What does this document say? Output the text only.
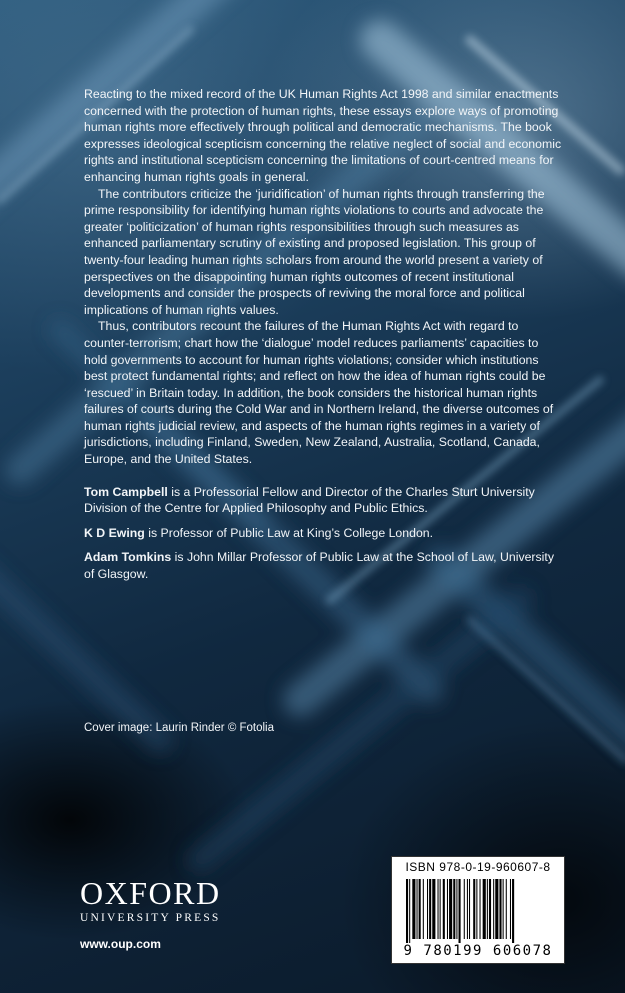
Reacting to the mixed record of the UK Human Rights Act 1998 and similar enactments concerned with the protection of human rights, these essays explore ways of promoting human rights more effectively through political and democratic mechanisms. The book expresses ideological scepticism concerning the relative neglect of social and economic rights and institutional scepticism concerning the limitations of court-centred means for enhancing human rights goals in general.

The contributors criticize the ‘juridification’ of human rights through transferring the prime responsibility for identifying human rights violations to courts and advocate the greater ‘politicization’ of human rights responsibilities through such measures as enhanced parliamentary scrutiny of existing and proposed legislation. This group of twenty-four leading human rights scholars from around the world present a variety of perspectives on the disappointing human rights outcomes of recent institutional developments and consider the prospects of reviving the moral force and political implications of human rights values.

Thus, contributors recount the failures of the Human Rights Act with regard to counter-terrorism; chart how the ‘dialogue’ model reduces parliaments’ capacities to hold governments to account for human rights violations; consider which institutions best protect fundamental rights; and reflect on how the idea of human rights could be ‘rescued’ in Britain today. In addition, the book considers the historical human rights failures of courts during the Cold War and in Northern Ireland, the diverse outcomes of human rights judicial review, and aspects of the human rights regimes in a variety of jurisdictions, including Finland, Sweden, New Zealand, Australia, Scotland, Canada, Europe, and the United States.

Tom Campbell is a Professorial Fellow and Director of the Charles Sturt University Division of the Centre for Applied Philosophy and Public Ethics.

K D Ewing is Professor of Public Law at King’s College London.

Adam Tomkins is John Millar Professor of Public Law at the School of Law, University of Glasgow.

Cover image: Laurin Rinder © Fotolia
OXFORD
UNIVERSITY PRESS
www.oup.com
ISBN 978-0-19-960607-8
9 780199 606078
